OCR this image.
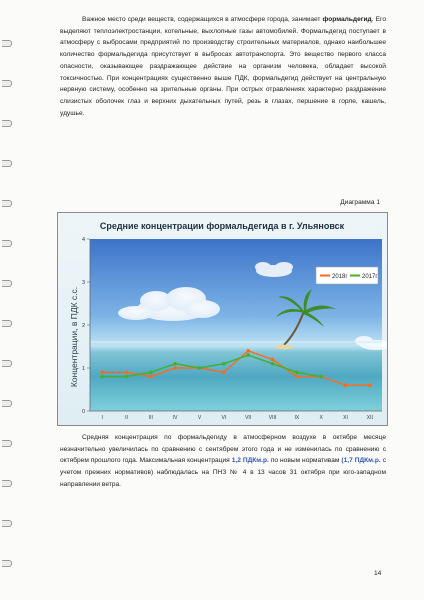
Важное место среди веществ, содержащихся в атмосфере города, занимает формальдегид. Его выделяют теплоэлектростанции, котельные, выхлопные газы автомобилей. Формальдегид поступает в атмосферу с выбросами предприятий по производству строительных материалов, однако наибольшее количество формальдегида присутствует в выбросах автотранспорта. Это вещество первого класса опасности, оказывающее раздражающее действие на организм человека, обладает высокой токсичностью. При концентрациях существенно выше ПДК, формальдегид действует на центральную нервную систему, особенно на зрительные органы. При острых отравлениях характерно раздражение слизистых оболочек глаз и верхних дыхательных путей, резь в глазах, першение в горле, кашель, удушье.

Диаграмма 1
Средние концентрации формальдегида в г. Ульяновск
Концентрации, в ПДК с.с.
0
1
2
3
4
I	II	III	IV	V	VI	VII	VIII	IX	X	XI	XII
2018г 2017г

Средняя концентрация по формальдегиду в атмосферном воздухе в октябре месяце незначительно увеличилась по сравнению с сентябрем этого года и не изменилась по сравнению с октябрем прошлого года. Максимальная концентрация 1,2 ПДКм.р. по новым нормативам (1,7 ПДКм.р. с учетом прежних нормативов) наблюдалась на ПНЗ № 4 в 13 часов 31 октября при юго-западном направлении ветра.

14
